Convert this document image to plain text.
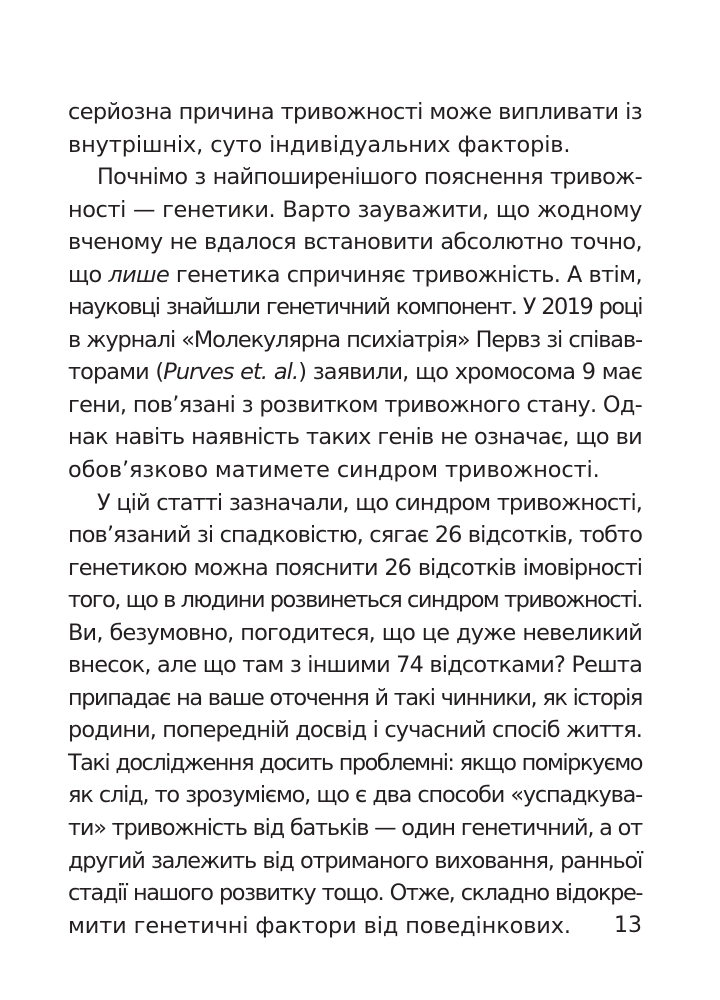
серйозна причина тривожності може випливати із
внутрішніх, суто індивідуальних факторів.
Почнімо з найпоширенішого пояснення тривож-
ності — генетики. Варто зауважити, що жодному
вченому не вдалося встановити абсолютно точно,
що лише генетика спричиняє тривожність. А втім,
науковці знайшли генетичний компонент. У 2019 році
в журналі «Молекулярна психіатрія» Первз зі співав-
торами (Purves et. al.) заявили, що хромосома 9 має
гени, пов’язані з розвитком тривожного стану. Од-
нак навіть наявність таких генів не означає, що ви
обов’язково матимете синдром тривожності.
У цій статті зазначали, що синдром тривожності,
пов’язаний зі спадковістю, сягає 26 відсотків, тобто
генетикою можна пояснити 26 відсотків імовірності
того, що в людини розвинеться синдром тривожності.
Ви, безумовно, погодитеся, що це дуже невеликий
внесок, але що там з іншими 74 відсотками? Решта
припадає на ваше оточення й такі чинники, як історія
родини, попередній досвід і сучасний спосіб життя.
Такі дослідження досить проблемні: якщо поміркуємо
як слід, то зрозуміємо, що є два способи «успадкува-
ти» тривожність від батьків — один генетичний, а от
другий залежить від отриманого виховання, ранньої
стадії нашого розвитку тощо. Отже, складно відокре-
мити генетичні фактори від поведінкових.	13
